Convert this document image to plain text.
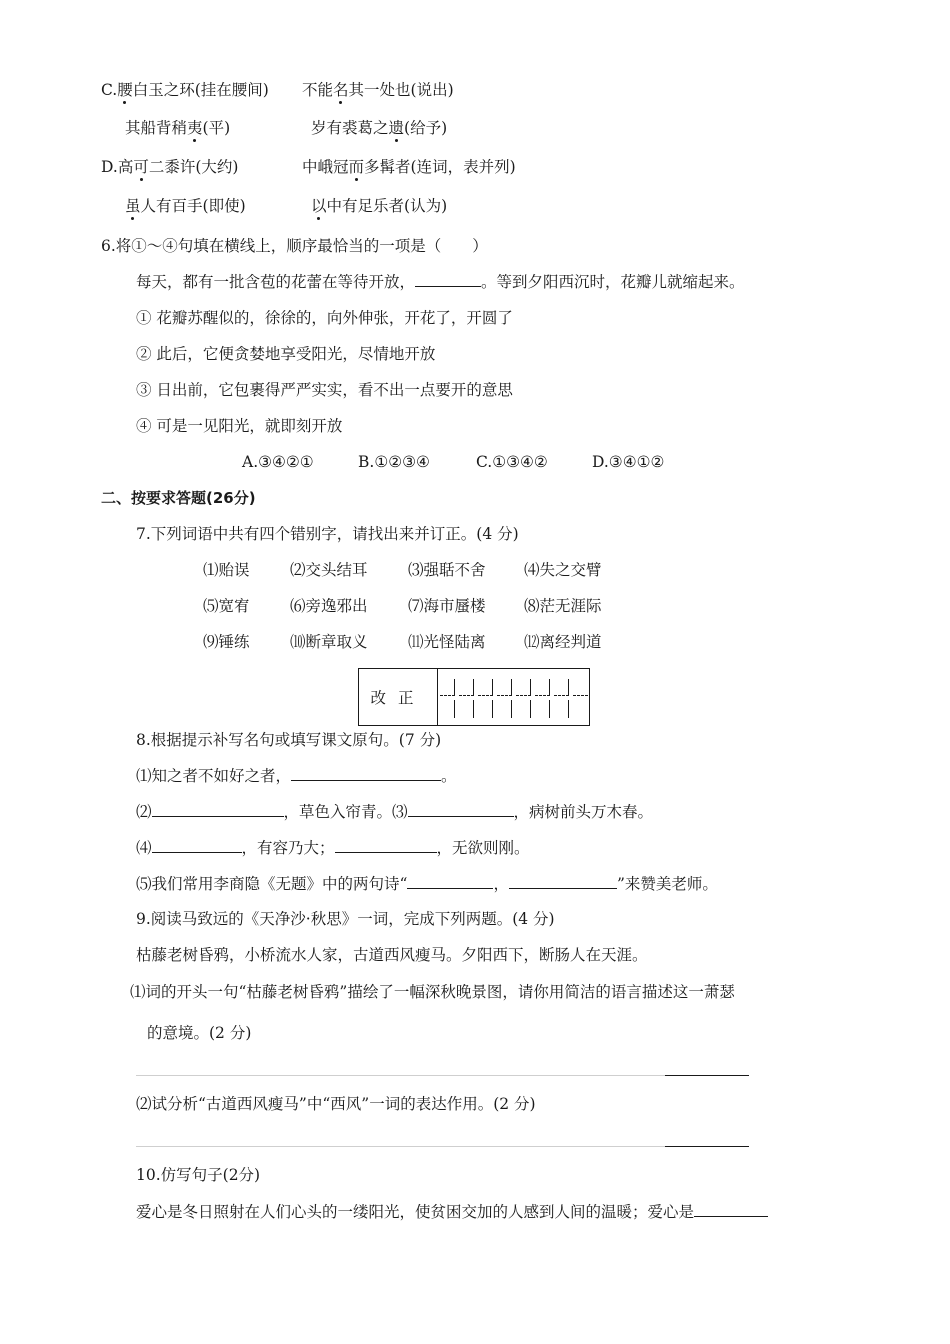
C.腰白玉之环(挂在腰间) 不能名其一处也(说出)
其船背稍夷(平)	岁有裘葛之遗(给予)
D.高可二黍许(大约)	中峨冠而多髯者(连词，表并列)
虽人有百手(即使)	以中有足乐者(认为)
6.将①～④句填在横线上，顺序最恰当的一项是（　　）
每天，都有一批含苞的花蕾在等待开放，	。等到夕阳西沉时，花瓣儿就缩起来。
① 花瓣苏醒似的，徐徐的，向外伸张，开花了，开圆了
② 此后，它便贪婪地享受阳光，尽情地开放
③ 日出前，它包裹得严严实实，看不出一点要开的意思
④ 可是一见阳光，就即刻开放
A.③④②①	B.①②③④	C.①③④②	D.③④①②
二、按要求答题(26分)
7.下列词语中共有四个错别字，请找出来并订正。(4 分)
⑴贻误	⑵交头结耳	⑶强聒不舍 ⑷失之交臂
⑸宽宥	⑹旁逸邪出	⑺海市蜃楼 ⑻茫无涯际
⑼锤练	⑽断章取义	⑾光怪陆离 ⑿离经判道
改正
8.根据提示补写名句或填写课文原句。(7 分)
⑴知之者不如好之者，	。
⑵	，草色入帘青。⑶	，病树前头万木春。
⑷	，有容乃大；	，无欲则刚。
⑸我们常用李商隐《无题》中的两句诗“	，	”来赞美老师。
9.阅读马致远的《天净沙·秋思》一词，完成下列两题。(4 分)
枯藤老树昏鸦，小桥流水人家，古道西风瘦马。夕阳西下，断肠人在天涯。
⑴词的开头一句“枯藤老树昏鸦”描绘了一幅深秋晚景图，请你用简洁的语言描述这一萧瑟
的意境。(2 分)
⑵试分析“古道西风瘦马”中“西风”一词的表达作用。(2 分)
10.仿写句子(2分)
爱心是冬日照射在人们心头的一缕阳光，使贫困交加的人感到人间的温暖；爱心是
